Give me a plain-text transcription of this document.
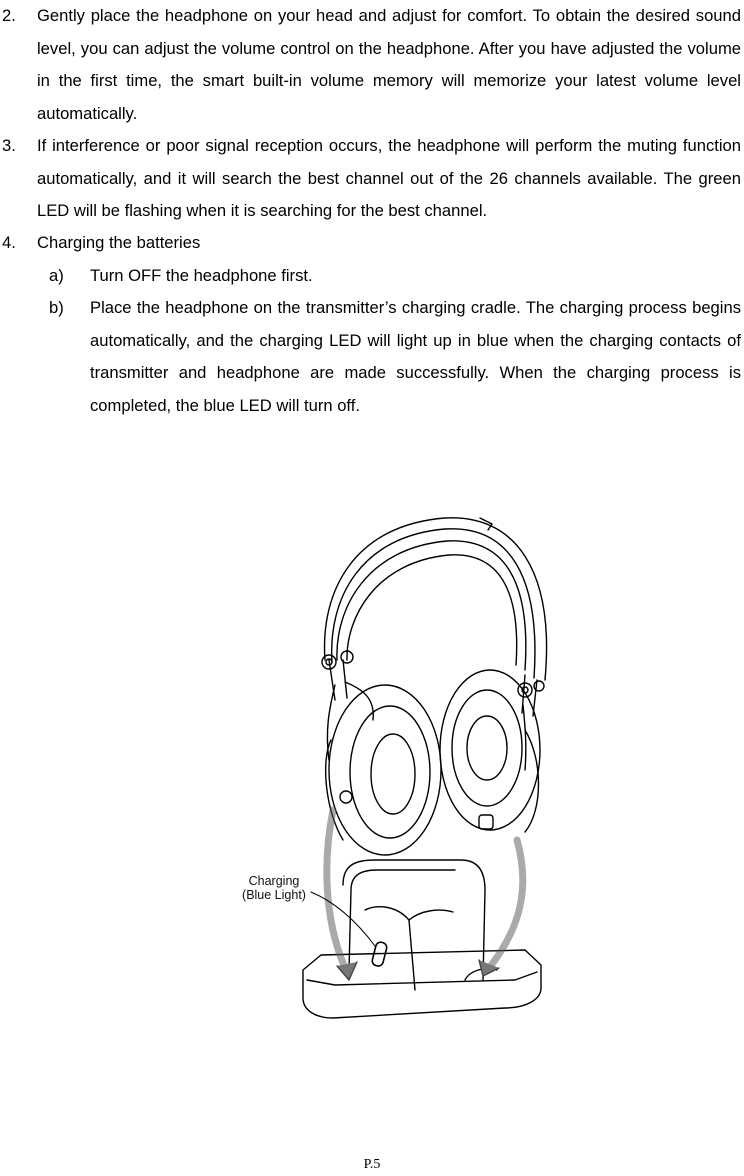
2. Gently place the headphone on your head and adjust for comfort. To obtain the desired sound level, you can adjust the volume control on the headphone. After you have adjusted the volume in the first time, the smart built-in volume memory will memorize your latest volume level automatically.
3. If interference or poor signal reception occurs, the headphone will perform the muting function automatically, and it will search the best channel out of the 26 channels available. The green LED will be flashing when it is searching for the best channel.
4. Charging the batteries
a) Turn OFF the headphone first.
b) Place the headphone on the transmitter’s charging cradle. The charging process begins automatically, and the charging LED will light up in blue when the charging contacts of transmitter and headphone are made successfully. When the charging process is completed, the blue LED will turn off.
Charging
(Blue Light)
P.5
